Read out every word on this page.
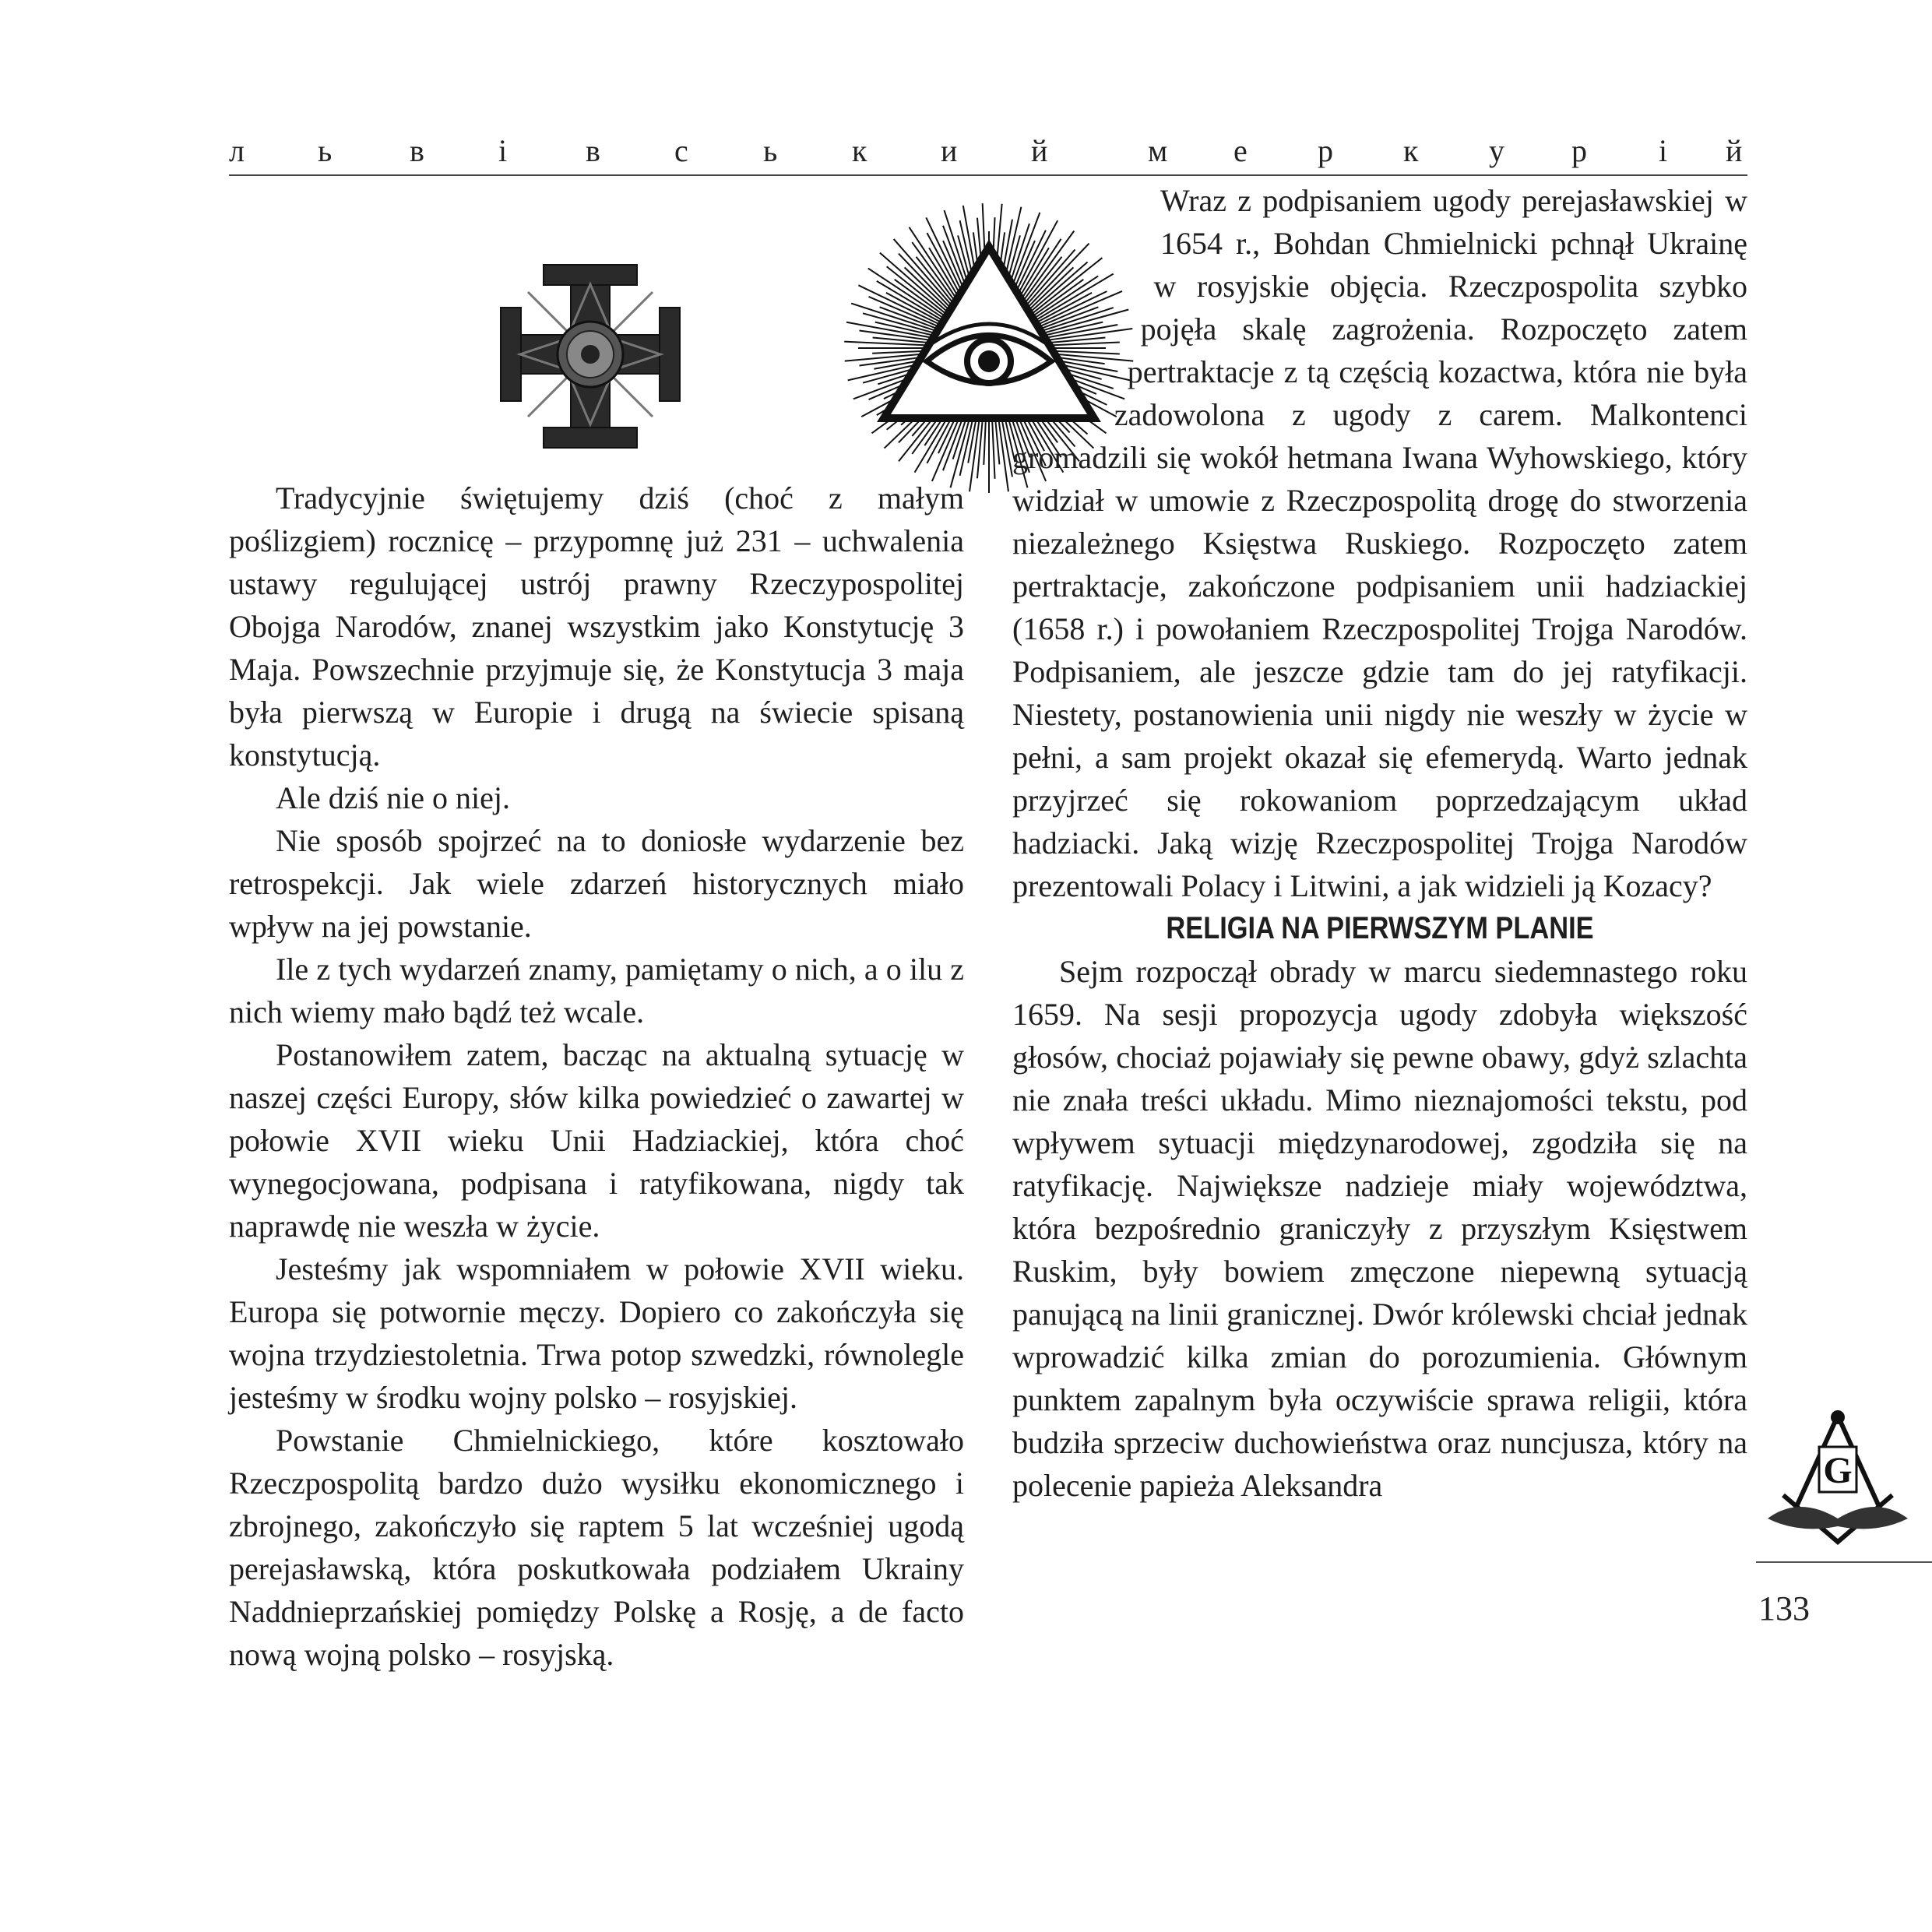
л ь в і	в с ь к и й	м е р к у р і й

Tradycyjnie świętujemy dziś (choć z małym poślizgiem) rocznicę – przypomnę już 231 – uchwalenia ustawy regulującej ustrój prawny Rzeczypospolitej Obojga Narodów, znanej wszystkim jako Konstytucję 3 Maja. Powszechnie przyjmuje się, że Konstytucja 3 maja była pierwszą w Europie i drugą na świecie spisaną konstytucją.

Ale dziś nie o niej.

Nie sposób spojrzeć na to doniosłe wydarzenie bez retrospekcji. Jak wiele zdarzeń historycznych miało wpływ na jej powstanie.

Ile z tych wydarzeń znamy, pamiętamy o nich, a o ilu z nich wiemy mało bądź też wcale.

Postanowiłem zatem, bacząc na aktualną sytuację w naszej części Europy, słów kilka powiedzieć o zawartej w połowie XVII wieku Unii Hadziackiej, która choć wynegocjowana, podpisana i ratyfikowana, nigdy tak naprawdę nie weszła w życie.

Jesteśmy jak wspomniałem w połowie XVII wieku. Europa się potwornie męczy. Dopiero co zakończyła się wojna trzydziestoletnia. Trwa potop szwedzki, równolegle jesteśmy w środku wojny polsko – rosyjskiej.

Powstanie Chmielnickiego, które kosztowało Rzeczpospolitą bardzo dużo wysiłku ekonomicznego i zbrojnego, zakończyło się raptem 5 lat wcześniej ugodą perejasławską, która poskutkowała podziałem Ukrainy Naddnieprzańskiej pomiędzy Polskę a Rosję, a de facto nową wojną polsko – rosyjską.

Wraz z podpisaniem ugody perejasławskiej w 1654 r., Bohdan Chmielnicki pchnął Ukrainę w rosyjskie objęcia. Rzeczpospolita szybko pojęła skalę zagrożenia. Rozpoczęto zatem pertraktacje z tą częścią kozactwa, która nie była zadowolona z ugody z carem. Malkontenci gromadzili się wokół hetmana Iwana Wyhowskiego, który widział w umowie z Rzeczpospolitą drogę do stworzenia niezależnego Księstwa Ruskiego. Rozpoczęto zatem pertraktacje, zakończone podpisaniem unii hadziackiej (1658 r.) i powołaniem Rzeczpospolitej Trojga Narodów. Podpisaniem, ale jeszcze gdzie tam do jej ratyfikacji. Niestety, postanowienia unii nigdy nie weszły w życie w pełni, a sam projekt okazał się efemerydą. Warto jednak przyjrzeć się rokowaniom poprzedzającym układ hadziacki. Jaką wizję Rzeczpospolitej Trojga Narodów prezentowali Polacy i Litwini, a jak widzieli ją Kozacy?

RELIGIA NA PIERWSZYM PLANIE

Sejm rozpoczął obrady w marcu siedemnastego roku 1659. Na sesji propozycja ugody zdobyła większość głosów, chociaż pojawiały się pewne obawy, gdyż szlachta nie znała treści układu. Mimo nieznajomości tekstu, pod wpływem sytuacji międzynarodowej, zgodziła się na ratyfikację. Największe nadzieje miały województwa, która bezpośrednio graniczyły z przyszłym Księstwem Ruskim, były bowiem zmęczone niepewną sytuacją panującą na linii granicznej. Dwór królewski chciał jednak wprowadzić kilka zmian do porozumienia. Głównym punktem zapalnym była oczywiście sprawa religii, która budziła sprzeciw duchowieństwa oraz nuncjusza, który na polecenie papieża Aleksandra	G
133
